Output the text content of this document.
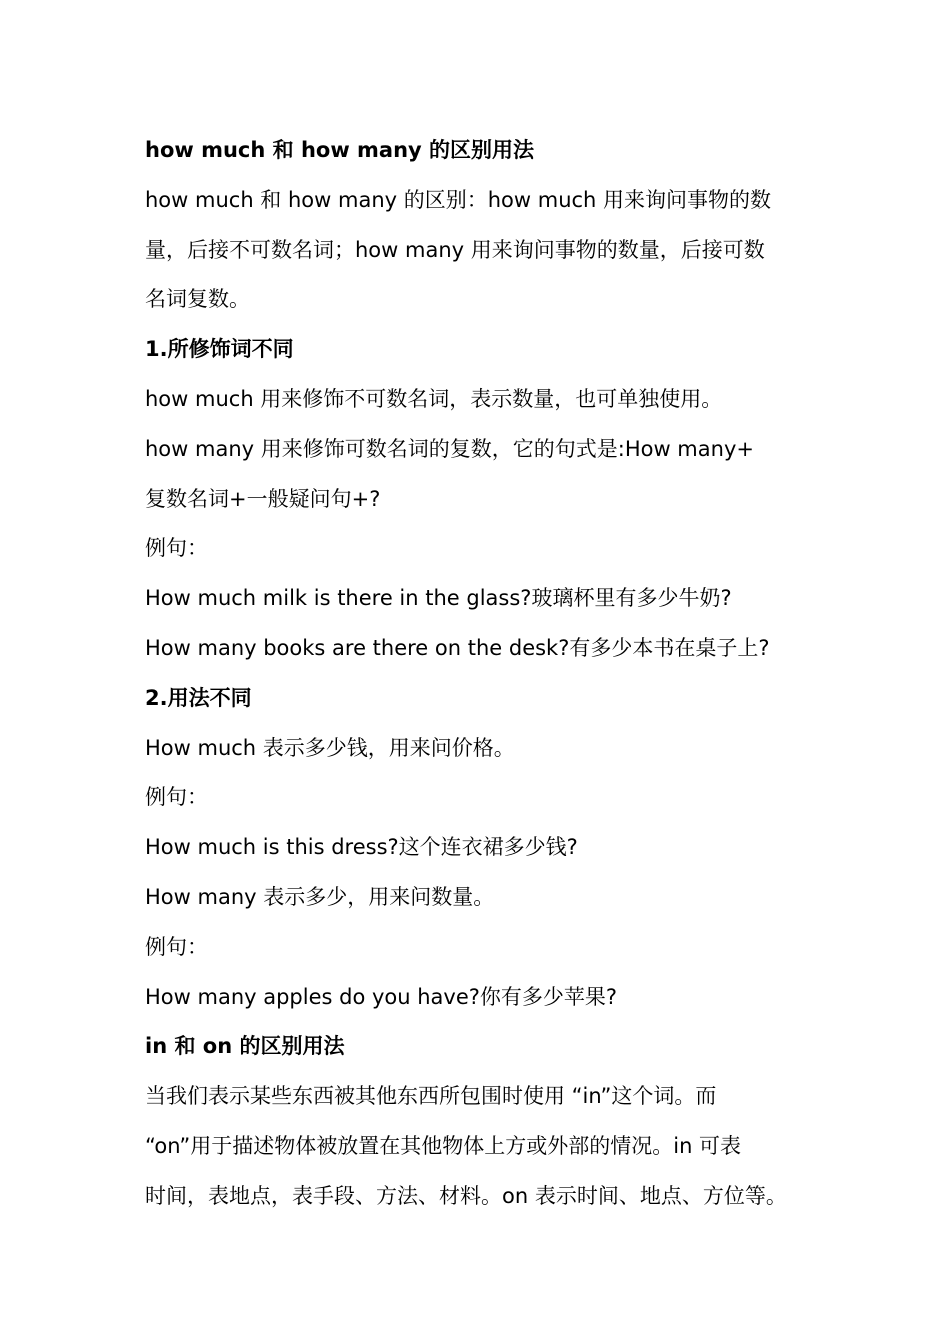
how much 和 how many 的区别用法

how much 和 how many 的区别：how much 用来询问事物的数

量，后接不可数名词；how many 用来询问事物的数量，后接可数

名词复数。

1.所修饰词不同

how much 用来修饰不可数名词，表示数量，也可单独使用。

how many 用来修饰可数名词的复数，它的句式是:How many+

复数名词+一般疑问句+?

例句：

How much milk is there in the glass?玻璃杯里有多少牛奶?

How many books are there on the desk?有多少本书在桌子上?

2.用法不同

How much 表示多少钱，用来问价格。

例句：

How much is this dress?这个连衣裙多少钱?

How many 表示多少，用来问数量。

例句：

How many apples do you have?你有多少苹果?

in 和 on 的区别用法

当我们表示某些东西被其他东西所包围时使用 “in”这个词。而

“on”用于描述物体被放置在其他物体上方或外部的情况。in 可表

时间，表地点，表手段、方法、材料。on 表示时间、地点、方位等。
